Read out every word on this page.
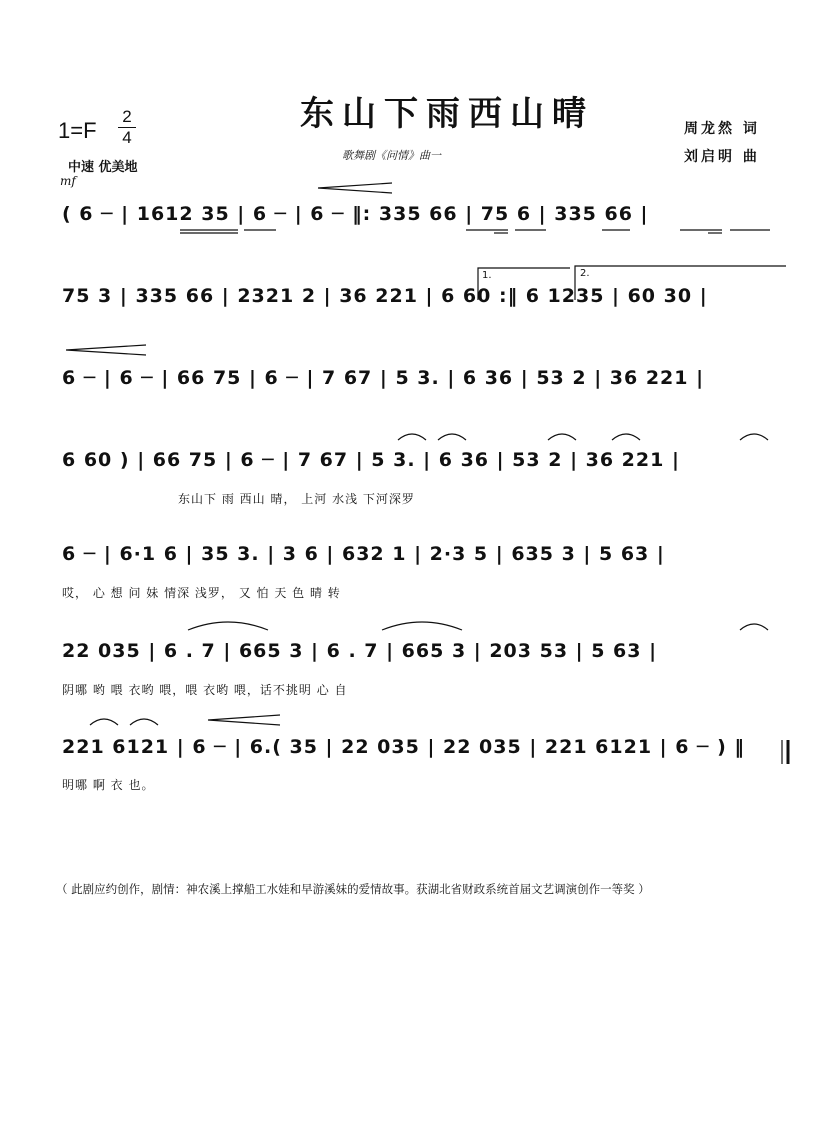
1=F
2
4
中速 优美地
mf
东山下雨西山晴
歌舞剧《问情》曲一
周龙然 词
刘启明 曲
( 6 ─ | 1612 35 | 6 ─ | 6 ─ ‖: 335 66 | 75 6 | 335 66 |
75 3 | 335 66 | 2321 2 | 36 221 | 6 60 :‖ 6 1235 | 60 30 |
1.	2.
6 ─ | 6 ─ | 66 75 | 6 ─ | 7 67 | 5 3. | 6 36 | 53 2 | 36 221 |
6 60 ) | 66 75 | 6 ─ | 7 67 | 5 3. | 6 36 | 53 2 | 36 221 |
东山下 雨 西山 晴， 上河 水浅 下河深罗
6 ─ | 6·1 6 | 35 3. | 3 6 | 632 1 | 2·3 5 | 635 3 | 5 63 |
哎， 心 想 问 妹 情深 浅罗， 又 怕 天 色 晴 转
22 035 | 6 . 7 | 665 3 | 6 . 7 | 665 3 | 203 53 | 5 63 |
阴哪 哟 喂 衣哟 喂，喂 衣哟 喂，话不挑明 心 自
221 6121 | 6 ─ | 6.( 35 | 22 035 | 22 035 | 221 6121 | 6 ─ ) ‖
明哪 啊 衣 也。
（ 此剧应约创作，剧情：神农溪上撑船工水娃和早游溪妹的爱情故事。获湖北省财政系统首届文艺调演创作一等奖 ）
